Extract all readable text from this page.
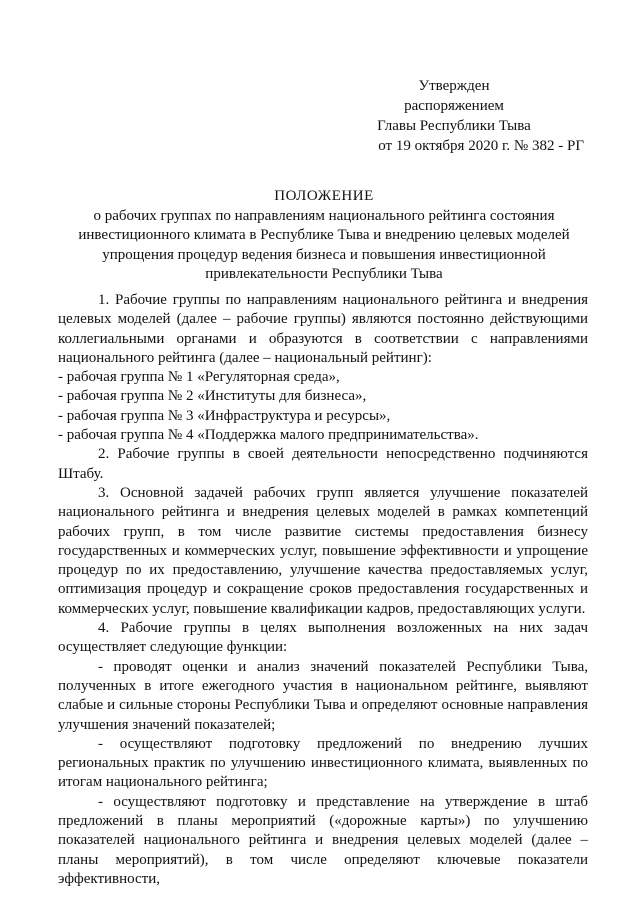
Утвержден
распоряжением
Главы Республики Тыва
от 19 октября 2020 г. № 382 - РГ
ПОЛОЖЕНИЕ
о рабочих группах по направлениям национального рейтинга состояния
инвестиционного климата в Республике Тыва и внедрению целевых моделей
упрощения процедур ведения бизнеса и повышения инвестиционной
привлекательности Республики Тыва

1. Рабочие группы по направлениям национального рейтинга и внедрения целевых моделей (далее – рабочие группы) являются постоянно действующими коллегиальными органами и образуются в соответствии с направлениями национального рейтинга (далее – национальный рейтинг):

- рабочая группа № 1 «Регуляторная среда»,

- рабочая группа № 2 «Институты для бизнеса»,

- рабочая группа № 3 «Инфраструктура и ресурсы»,

- рабочая группа № 4 «Поддержка малого предпринимательства».

2. Рабочие группы в своей деятельности непосредственно подчиняются Штабу.

3. Основной задачей рабочих групп является улучшение показателей национального рейтинга и внедрения целевых моделей в рамках компетенций рабочих групп, в том числе развитие системы предоставления бизнесу государственных и коммерческих услуг, повышение эффективности и упрощение процедур по их предоставлению, улучшение качества предоставляемых услуг, оптимизация процедур и сокращение сроков предоставления государственных и коммерческих услуг, повышение квалификации кадров, предоставляющих услуги.

4. Рабочие группы в целях выполнения возложенных на них задач осуществляет следующие функции:

- проводят оценки и анализ значений показателей Республики Тыва, полученных в итоге ежегодного участия в национальном рейтинге, выявляют слабые и сильные стороны Республики Тыва и определяют основные направления улучшения значений показателей;

- осуществляют подготовку предложений по внедрению лучших региональных практик по улучшению инвестиционного климата, выявленных по итогам национального рейтинга;

- осуществляют подготовку и представление на утверждение в штаб предложений в планы мероприятий («дорожные карты») по улучшению показателей национального рейтинга и внедрения целевых моделей (далее – планы мероприятий), в том числе определяют ключевые показатели эффективности,
